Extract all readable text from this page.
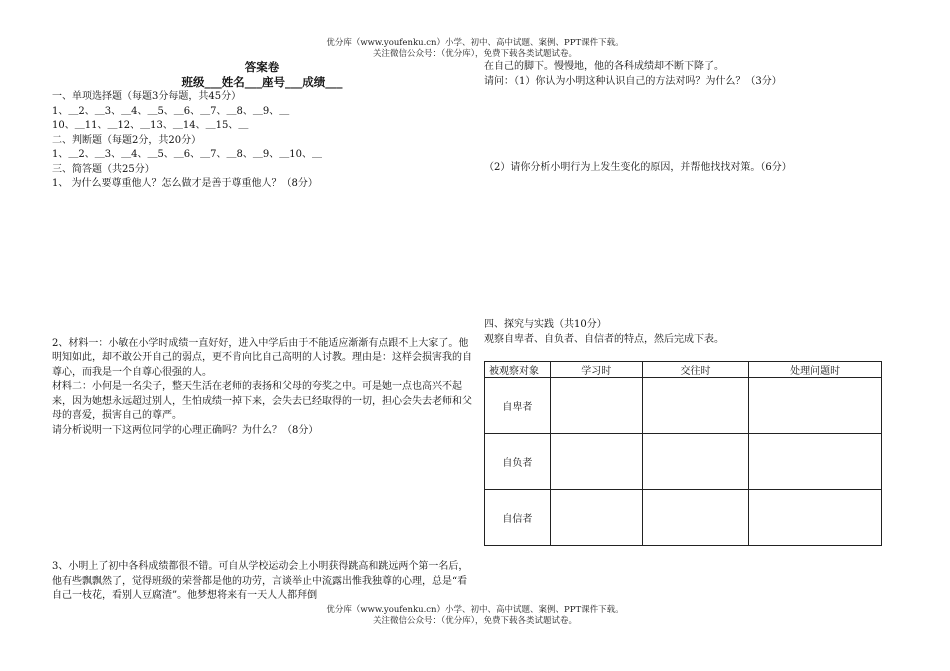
优分库（www.youfenku.cn）小学、初中、高中试题、案例、PPT课件下载。
关注微信公众号：（优分库），免费下载各类试题试卷。
答案卷
班级___姓名___座号___成绩___
一、单项选择题（每题3分每题，共45分）
1、＿2、＿3、＿4、＿5、＿6、＿7、＿8、＿9、＿
10、＿11、＿12、＿13、＿14、＿15、＿
二、判断题（每题2分，共20分）
1、＿2、＿3、＿4、＿5、＿6、＿7、＿8、＿9、＿10、＿
三、简答题（共25分）
1、 为什么要尊重他人？怎么做才是善于尊重他人？（8分）
2、材料一：小敏在小学时成绩一直好好，进入中学后由于不能适应渐渐有点跟不上大家了。他明知如此，却不敢公开自己的弱点，更不肯向比自己高明的人讨教。理由是：这样会损害我的自尊心，而我是一个自尊心很强的人。
材料二：小何是一名尖子，整天生活在老师的表扬和父母的夸奖之中。可是她一点也高兴不起来，因为她想永远超过别人，生怕成绩一掉下来，会失去已经取得的一切，担心会失去老师和父母的喜爱，损害自己的尊严。
请分析说明一下这两位同学的心理正确吗？为什么？（8分）
3、小明上了初中各科成绩都很不错。可自从学校运动会上小明获得跳高和跳远两个第一名后，他有些飘飘然了，觉得班级的荣誉都是他的功劳，言谈举止中流露出惟我独尊的心理，总是“看自己一枝花，看别人豆腐渣”。他梦想将来有一天人人都拜倒
在自己的脚下。慢慢地，他的各科成绩却不断下降了。
请问：（1）你认为小明这种认识自己的方法对吗？为什么？（3分）
（2）请你分析小明行为上发生变化的原因，并帮他找找对策。（6分）
四、探究与实践（共10分）
观察自卑者、自负者、自信者的特点，然后完成下表。
被观察对象	学习时	交往时	处理问题时
自卑者			
自负者			
自信者			
优分库（www.youfenku.cn）小学、初中、高中试题、案例、PPT课件下载。
关注微信公众号：（优分库），免费下载各类试题试卷。
